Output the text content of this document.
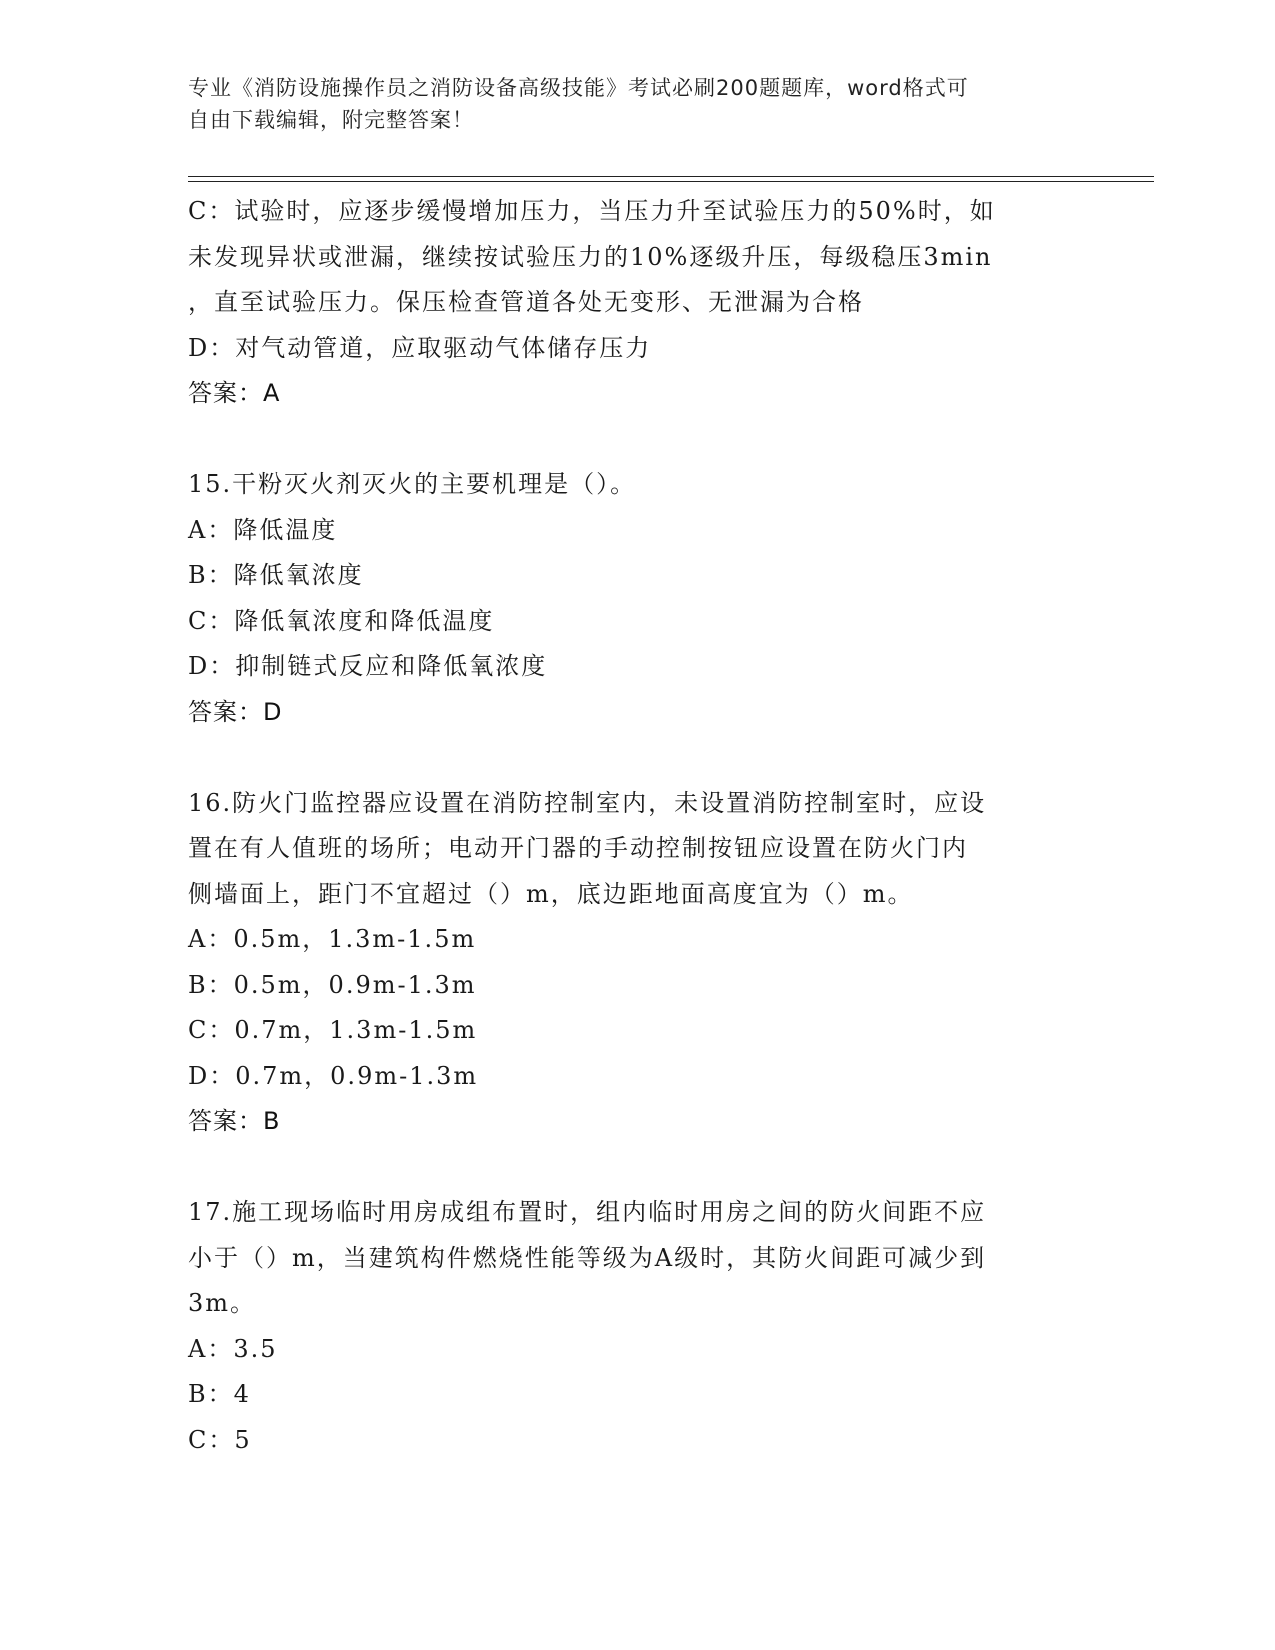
专业《消防设施操作员之消防设备高级技能》考试必刷200题题库，word格式可
自由下载编辑，附完整答案！
C：试验时，应逐步缓慢增加压力，当压力升至试验压力的50%时，如
未发现异状或泄漏，继续按试验压力的10%逐级升压，每级稳压3min
，直至试验压力。保压检查管道各处无变形、无泄漏为合格
D：对气动管道，应取驱动气体储存压力
答案：A
15.干粉灭火剂灭火的主要机理是（）。
A：降低温度
B：降低氧浓度
C：降低氧浓度和降低温度
D：抑制链式反应和降低氧浓度
答案：D
16.防火门监控器应设置在消防控制室内，未设置消防控制室时，应设
置在有人值班的场所；电动开门器的手动控制按钮应设置在防火门内
侧墙面上，距门不宜超过（）m，底边距地面高度宜为（）m。
A：0.5m，1.3m-1.5m
B：0.5m，0.9m-1.3m
C：0.7m，1.3m-1.5m
D：0.7m，0.9m-1.3m
答案：B
17.施工现场临时用房成组布置时，组内临时用房之间的防火间距不应
小于（）m，当建筑构件燃烧性能等级为A级时，其防火间距可减少到
3m。
A：3.5
B：4
C：5
